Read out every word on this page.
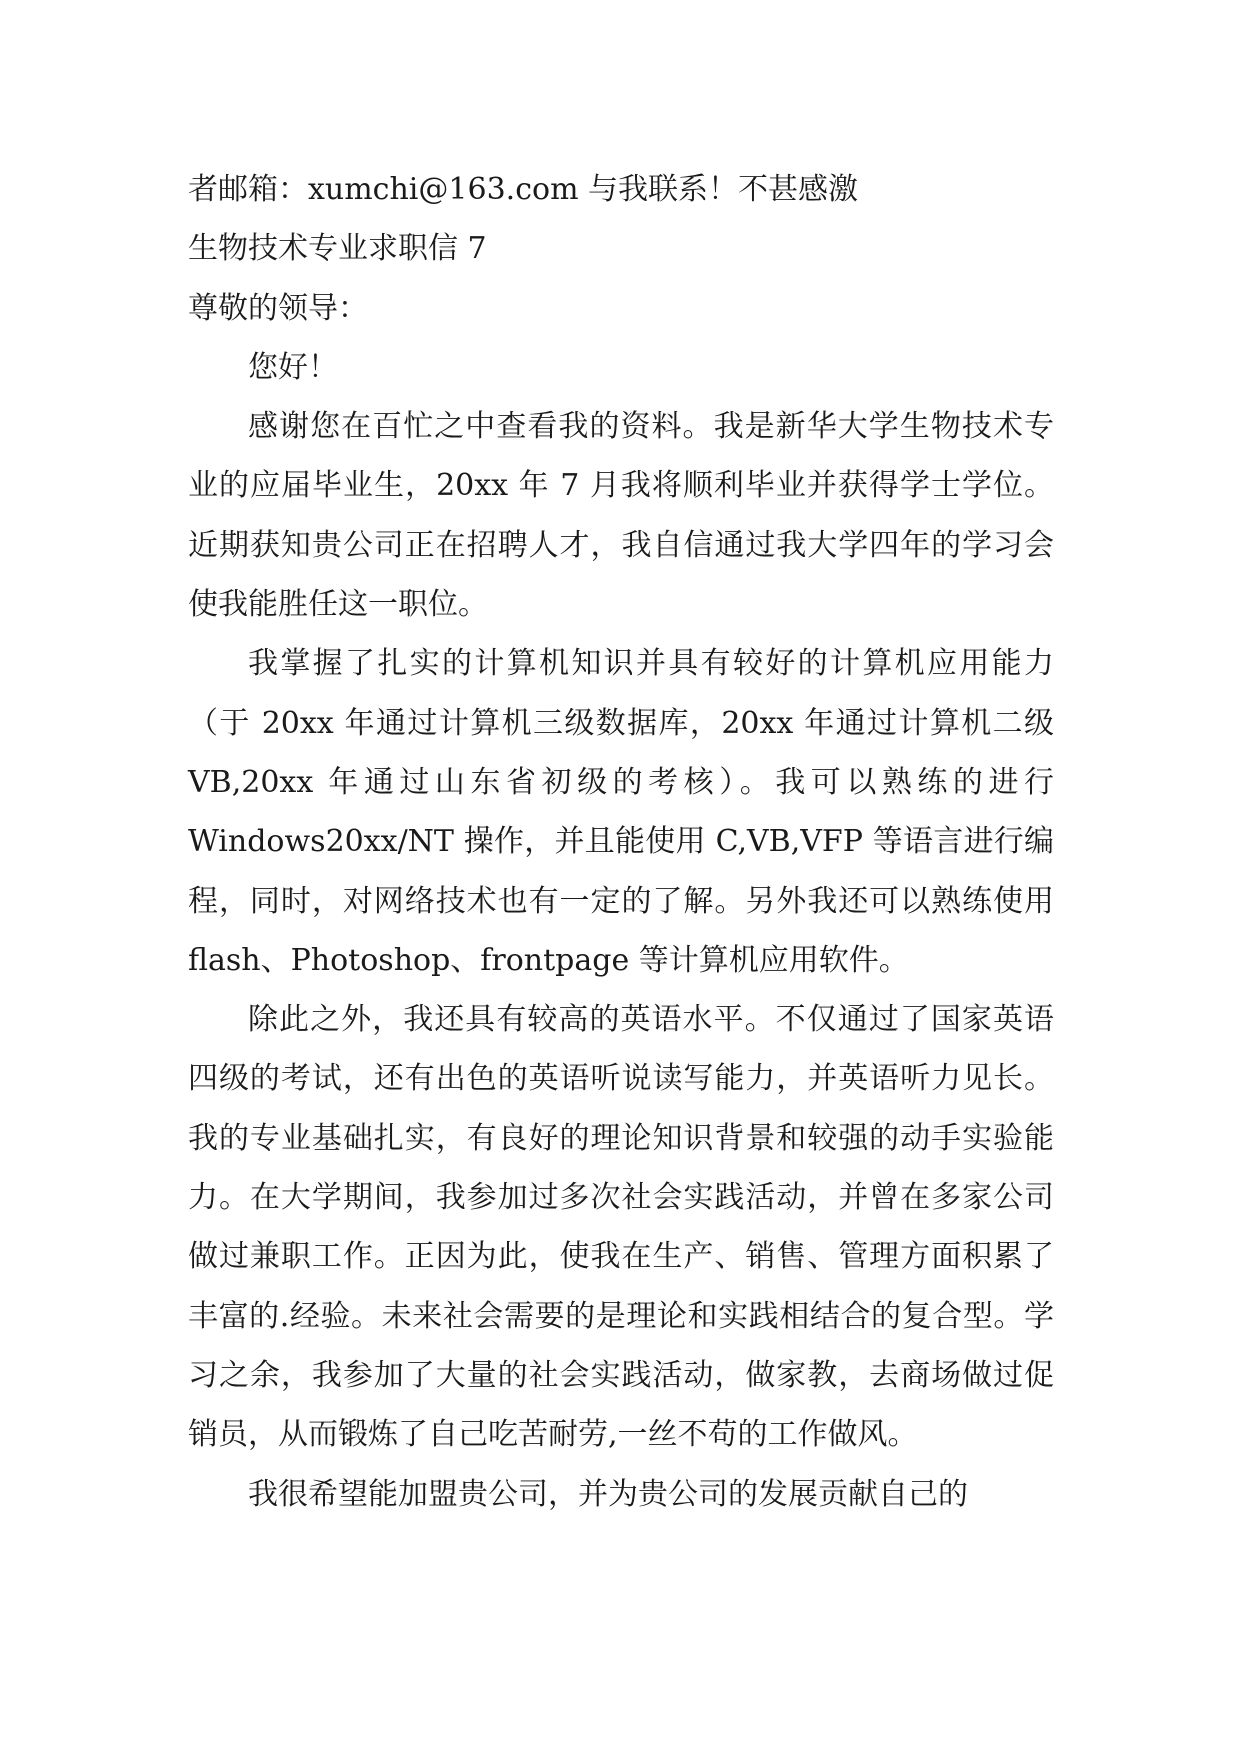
者邮箱：xumchi@163.com 与我联系！不甚感激

生物技术专业求职信 7

尊敬的领导：

您好！

感谢您在百忙之中查看我的资料。我是新华大学生物技术专业的应届毕业生，20xx 年 7 月我将顺利毕业并获得学士学位。近期获知贵公司正在招聘人才，我自信通过我大学四年的学习会使我能胜任这一职位。

我掌握了扎实的计算机知识并具有较好的计算机应用能力（于 20xx 年通过计算机三级数据库，20xx 年通过计算机二级 VB,20xx 年通过山东省初级的考核）。我可以熟练的进行 Windows20xx/NT 操作，并且能使用 C,VB,VFP 等语言进行编程，同时，对网络技术也有一定的了解。另外我还可以熟练使用 flash、Photoshop、frontpage 等计算机应用软件。

除此之外，我还具有较高的英语水平。不仅通过了国家英语四级的考试，还有出色的英语听说读写能力，并英语听力见长。我的专业基础扎实，有良好的理论知识背景和较强的动手实验能力。在大学期间，我参加过多次社会实践活动，并曾在多家公司做过兼职工作。正因为此，使我在生产、销售、管理方面积累了丰富的.经验。未来社会需要的是理论和实践相结合的复合型。学习之余，我参加了大量的社会实践活动，做家教，去商场做过促销员，从而锻炼了自己吃苦耐劳,一丝不苟的工作做风。

我很希望能加盟贵公司，并为贵公司的发展贡献自己的
